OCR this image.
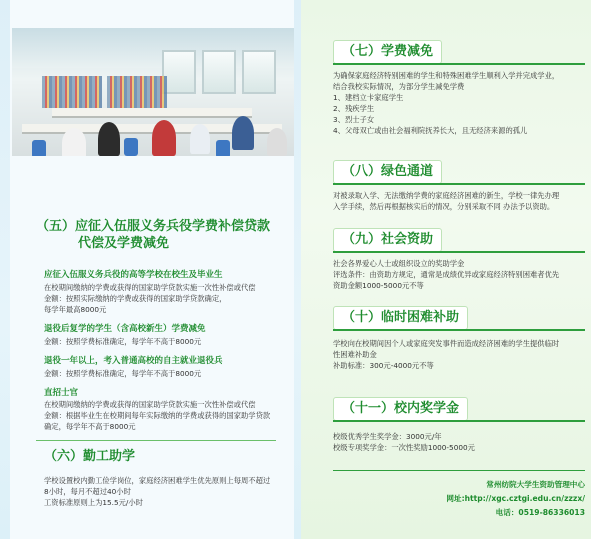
（五）应征入伍服义务兵役学费补偿贷款
代偿及学费减免
应征入伍服义务兵役的高等学校在校生及毕业生
在校期间缴纳的学费或获得的国家助学贷款实施一次性补偿或代偿
金额：按照实际缴纳的学费或获得的国家助学贷款确定，
每学年最高8000元
退役后复学的学生（含高校新生）学费减免
金额：按照学费标准确定，每学年不高于8000元
退役一年以上，考入普通高校的自主就业退役兵
金额：按照学费标准确定，每学年不高于8000元
直招士官
在校期间缴纳的学费或获得的国家助学贷款实施一次性补偿或代偿
金额：根据毕业生在校期间每年实际缴纳的学费或获得的国家助学贷款
确定，每学年不高于8000元
（六）勤工助学
学校设置校内勤工俭学岗位，家庭经济困难学生优先原则上每周不超过
8小时，每月不超过40小时
工资标准原则上为15.5元/小时
（七）学费减免
为确保家庭经济特别困难的学生和特殊困难学生顺利入学并完成学业，
结合我校实际情况，为部分学生减免学费
1、建档立卡家庭学生
2、残疾学生
3、烈士子女
4、父母双亡或由社会福利院抚养长大，且无经济来源的孤儿
（八）绿色通道
对被录取入学、无法缴纳学费的家庭经济困难的新生，学校一律先办理
入学手续，然后再根据核实后的情况，分别采取不同 办法予以资助。
（九）社会资助
社会各界爱心人士或组织设立的奖助学金
评选条件：由资助方规定，通常是成绩优异或家庭经济特别困难者优先
资助金额1000-5000元不等
（十）临时困难补助
学校向在校期间因个人或家庭突发事件而造成经济困难的学生提供临时
性困难补助金
补助标准：300元-4000元不等
（十一）校内奖学金
校级优秀学生奖学金：3000元/年
校级专项奖学金：一次性奖励1000-5000元
常州纺院大学生资助管理中心
网址:http://xgc.cztgi.edu.cn/zzzx/
电话：0519-86336013
